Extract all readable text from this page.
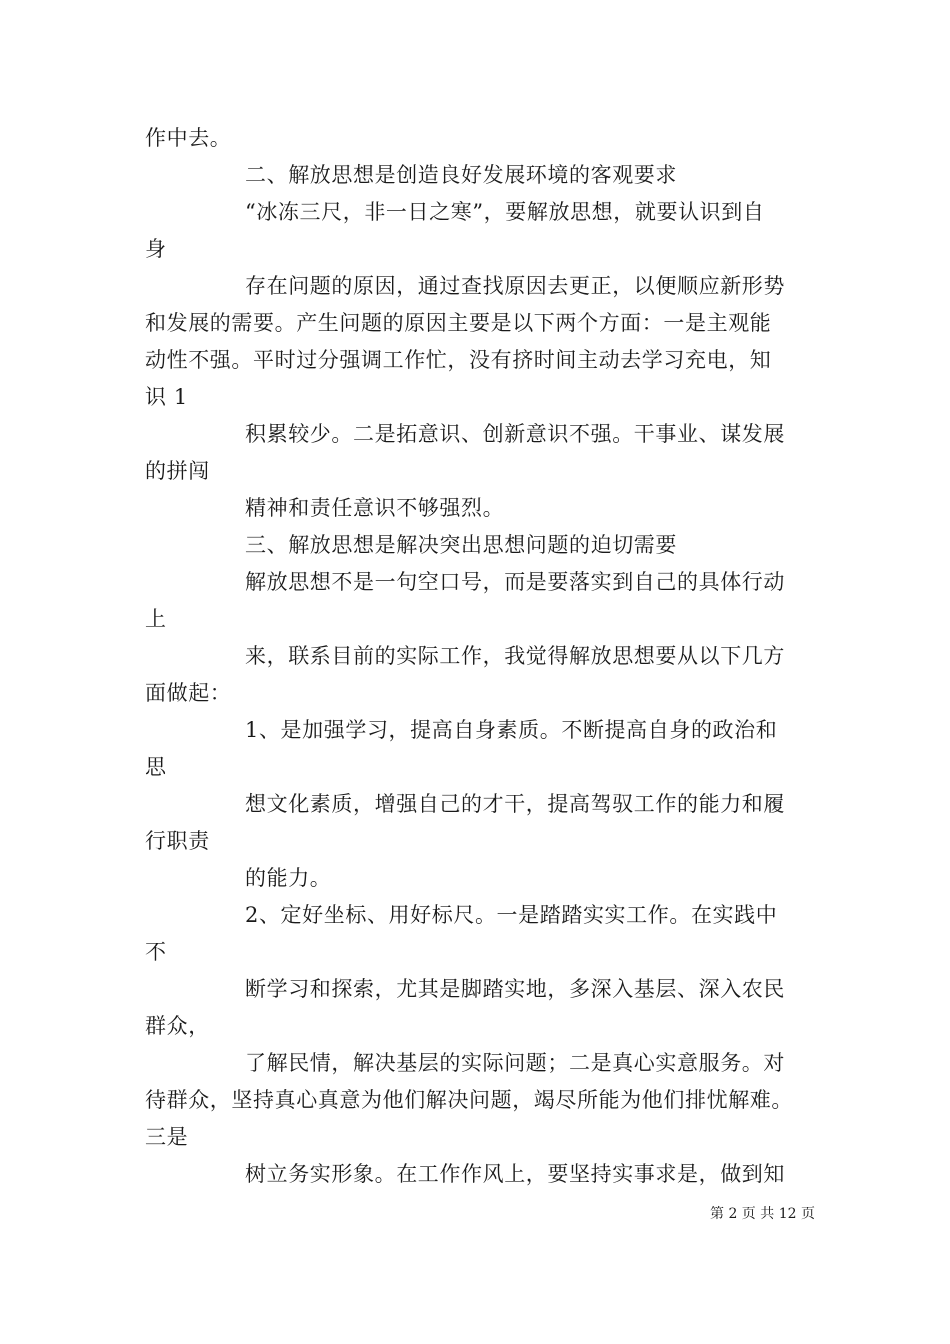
作中去。
二、解放思想是创造良好发展环境的客观要求
“冰冻三尺，非一日之寒”，要解放思想，就要认识到自
身
存在问题的原因，通过查找原因去更正，以便顺应新形势
和发展的需要。产生问题的原因主要是以下两个方面：一是主观能
动性不强。平时过分强调工作忙，没有挤时间主动去学习充电，知
识 1
积累较少。二是拓意识、创新意识不强。干事业、谋发展
的拼闯
精神和责任意识不够强烈。
三、解放思想是解决突出思想问题的迫切需要
解放思想不是一句空口号，而是要落实到自己的具体行动
上
来，联系目前的实际工作，我觉得解放思想要从以下几方
面做起：
1、是加强学习，提高自身素质。不断提高自身的政治和
思
想文化素质，增强自己的才干，提高驾驭工作的能力和履
行职责
的能力。
2、定好坐标、用好标尺。一是踏踏实实工作。在实践中
不
断学习和探索，尤其是脚踏实地，多深入基层、深入农民
群众，
了解民情，解决基层的实际问题；二是真心实意服务。对
待群众，坚持真心真意为他们解决问题，竭尽所能为他们排忧解难。
三是
树立务实形象。在工作作风上，要坚持实事求是，做到知
第 2 页 共 12 页
